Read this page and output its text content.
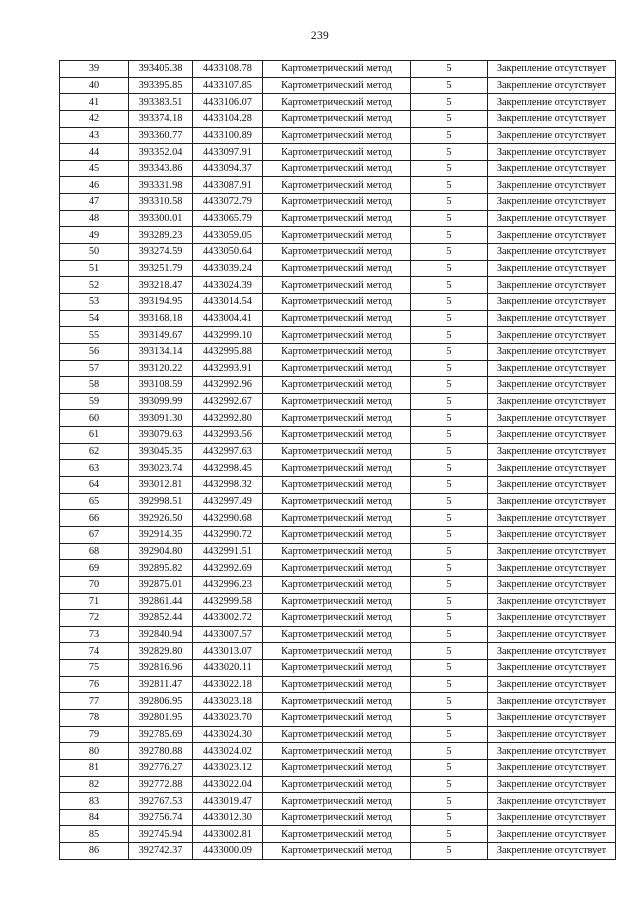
239
39	393405.38	4433108.78	Картометрический метод	5	Закрепление отсутствует
40	393395.85	4433107.85	Картометрический метод	5	Закрепление отсутствует
41	393383.51	4433106.07	Картометрический метод	5	Закрепление отсутствует
42	393374.18	4433104.28	Картометрический метод	5	Закрепление отсутствует
43	393360.77	4433100.89	Картометрический метод	5	Закрепление отсутствует
44	393352.04	4433097.91	Картометрический метод	5	Закрепление отсутствует
45	393343.86	4433094.37	Картометрический метод	5	Закрепление отсутствует
46	393331.98	4433087.91	Картометрический метод	5	Закрепление отсутствует
47	393310.58	4433072.79	Картометрический метод	5	Закрепление отсутствует
48	393300.01	4433065.79	Картометрический метод	5	Закрепление отсутствует
49	393289.23	4433059.05	Картометрический метод	5	Закрепление отсутствует
50	393274.59	4433050.64	Картометрический метод	5	Закрепление отсутствует
51	393251.79	4433039.24	Картометрический метод	5	Закрепление отсутствует
52	393218.47	4433024.39	Картометрический метод	5	Закрепление отсутствует
53	393194.95	4433014.54	Картометрический метод	5	Закрепление отсутствует
54	393168.18	4433004.41	Картометрический метод	5	Закрепление отсутствует
55	393149.67	4432999.10	Картометрический метод	5	Закрепление отсутствует
56	393134.14	4432995.88	Картометрический метод	5	Закрепление отсутствует
57	393120.22	4432993.91	Картометрический метод	5	Закрепление отсутствует
58	393108.59	4432992.96	Картометрический метод	5	Закрепление отсутствует
59	393099.99	4432992.67	Картометрический метод	5	Закрепление отсутствует
60	393091.30	4432992.80	Картометрический метод	5	Закрепление отсутствует
61	393079.63	4432993.56	Картометрический метод	5	Закрепление отсутствует
62	393045.35	4432997.63	Картометрический метод	5	Закрепление отсутствует
63	393023.74	4432998.45	Картометрический метод	5	Закрепление отсутствует
64	393012.81	4432998.32	Картометрический метод	5	Закрепление отсутствует
65	392998.51	4432997.49	Картометрический метод	5	Закрепление отсутствует
66	392926.50	4432990.68	Картометрический метод	5	Закрепление отсутствует
67	392914.35	4432990.72	Картометрический метод	5	Закрепление отсутствует
68	392904.80	4432991.51	Картометрический метод	5	Закрепление отсутствует
69	392895.82	4432992.69	Картометрический метод	5	Закрепление отсутствует
70	392875.01	4432996.23	Картометрический метод	5	Закрепление отсутствует
71	392861.44	4432999.58	Картометрический метод	5	Закрепление отсутствует
72	392852.44	4433002.72	Картометрический метод	5	Закрепление отсутствует
73	392840.94	4433007.57	Картометрический метод	5	Закрепление отсутствует
74	392829.80	4433013.07	Картометрический метод	5	Закрепление отсутствует
75	392816.96	4433020.11	Картометрический метод	5	Закрепление отсутствует
76	392811.47	4433022.18	Картометрический метод	5	Закрепление отсутствует
77	392806.95	4433023.18	Картометрический метод	5	Закрепление отсутствует
78	392801.95	4433023.70	Картометрический метод	5	Закрепление отсутствует
79	392785.69	4433024.30	Картометрический метод	5	Закрепление отсутствует
80	392780.88	4433024.02	Картометрический метод	5	Закрепление отсутствует
81	392776.27	4433023.12	Картометрический метод	5	Закрепление отсутствует
82	392772.88	4433022.04	Картометрический метод	5	Закрепление отсутствует
83	392767.53	4433019.47	Картометрический метод	5	Закрепление отсутствует
84	392756.74	4433012.30	Картометрический метод	5	Закрепление отсутствует
85	392745.94	4433002.81	Картометрический метод	5	Закрепление отсутствует
86	392742.37	4433000.09	Картометрический метод	5	Закрепление отсутствует
